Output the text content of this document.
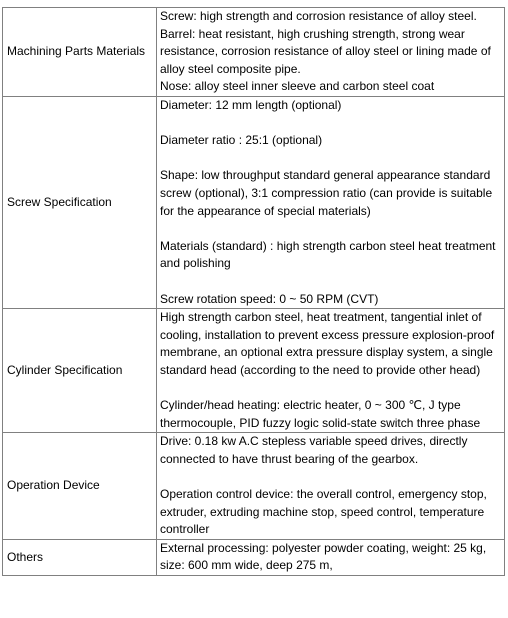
Machining Parts Materials	Screw: high strength and corrosion resistance of alloy steel.

Barrel: heat resistant, high crushing strength, strong wear resistance, corrosion resistance of alloy steel or lining made of alloy steel composite pipe.

Nose: alloy steel inner sleeve and carbon steel coat

Screw Specification	Diameter: 12 mm length (optional)

Diameter ratio : 25:1 (optional)

Shape: low throughput standard general appearance standard screw (optional), 3:1 compression ratio (can provide is suitable for the appearance of special materials)

Materials (standard) : high strength carbon steel heat treatment and polishing

Screw rotation speed: 0 ~ 50 RPM (CVT)

Cylinder Specification	High strength carbon steel, heat treatment, tangential inlet of cooling, installation to prevent excess pressure explosion-proof membrane, an optional extra pressure display system, a single standard head (according to the need to provide other head)

Cylinder/head heating: electric heater, 0 ~ 300 ℃, J type thermocouple, PID fuzzy logic solid-state switch three phase

Operation Device	Drive: 0.18 kw A.C stepless variable speed drives, directly connected to have thrust bearing of the gearbox.

Operation control device: the overall control, emergency stop, extruder, extruding machine stop, speed control, temperature controller

Others	External processing: polyester powder coating, weight: 25 kg, size: 600 mm wide, deep 275 m,
